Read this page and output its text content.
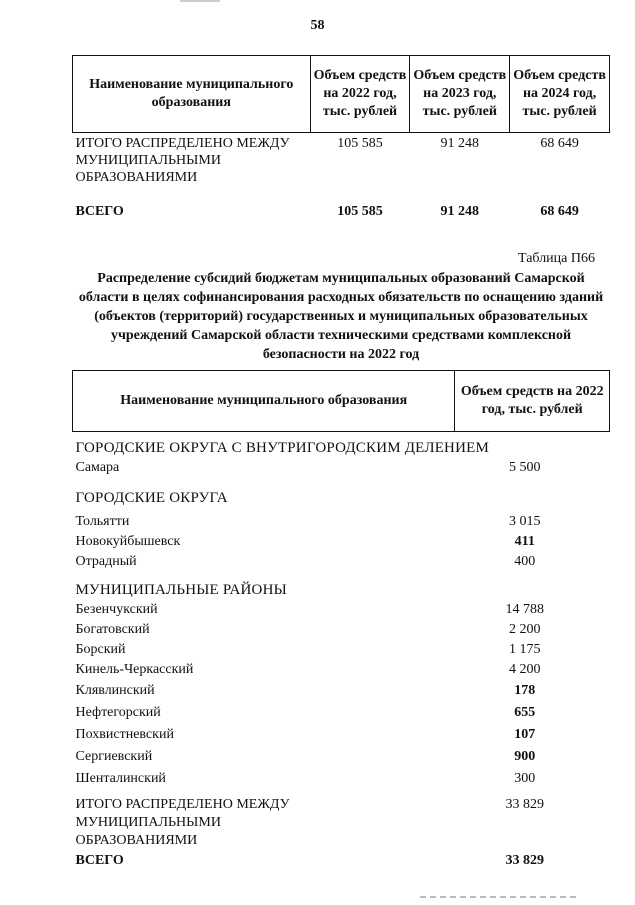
58
Наименование муниципального образования	Объем средств на 2022 год, тыс. рублей	Объем средств на 2023 год, тыс. рублей	Объем средств на 2024 год, тыс. рублей
ИТОГО РАСПРЕДЕЛЕНО МЕЖДУ МУНИЦИПАЛЬНЫМИ ОБРАЗОВАНИЯМИ	105 585	91 248	68 649
ВСЕГО	105 585	91 248	68 649
Таблица П66
Распределение субсидий бюджетам муниципальных образований Самарской области в целях софинансирования расходных обязательств по оснащению зданий (объектов (территорий) государственных и муниципальных образовательных учреждений Самарской области техническими средствами комплексной безопасности на 2022 год
Наименование муниципального образования	Объем средств на 2022 год, тыс. рублей
ГОРОДСКИЕ ОКРУГА С ВНУТРИГОРОДСКИМ ДЕЛЕНИЕМ	
Самара	5 500
ГОРОДСКИЕ ОКРУГА	

Тольятти	3 015
Новокуйбышевск	411
Отрадный	400
МУНИЦИПАЛЬНЫЕ РАЙОНЫ	
Безенчукский	14 788
Богатовский	2 200
Борский	1 175
Кинель-Черкасский	4 200
Клявлинский	178
Нефтегорский	655
Похвистневский	107
Сергиевский	900
Шенталинский	300
ИТОГО РАСПРЕДЕЛЕНО МЕЖДУ МУНИЦИПАЛЬНЫМИ ОБРАЗОВАНИЯМИ	33 829
ВСЕГО	33 829
